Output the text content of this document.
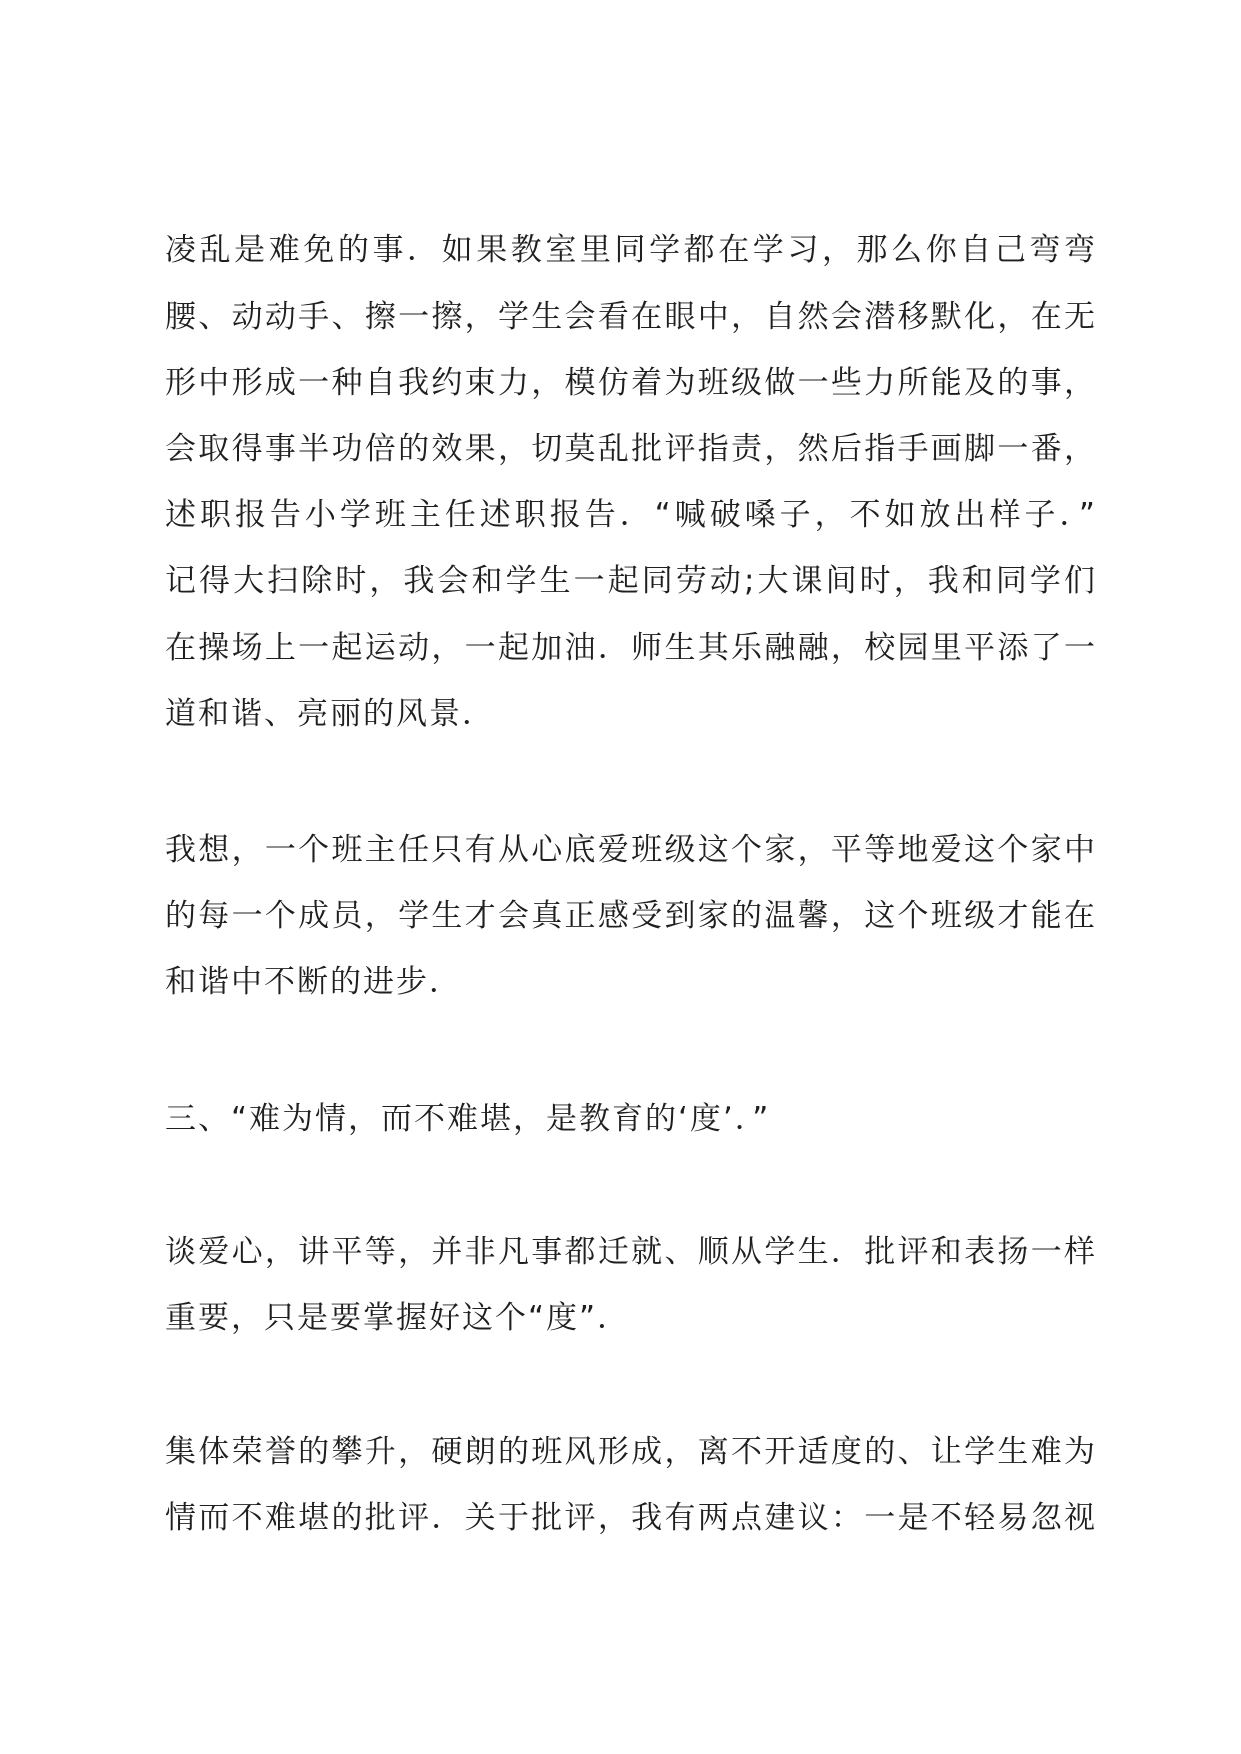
凌乱是难免的事．如果教室里同学都在学习，那么你自己弯弯

腰、动动手、擦一擦，学生会看在眼中，自然会潜移默化，在无

形中形成一种自我约束力，模仿着为班级做一些力所能及的事，

会取得事半功倍的效果，切莫乱批评指责，然后指手画脚一番，

述职报告小学班主任述职报告．“喊破嗓子，不如放出样子．”

记得大扫除时，我会和学生一起同劳动;大课间时，我和同学们

在操场上一起运动，一起加油．师生其乐融融，校园里平添了一

道和谐、亮丽的风景．

我想，一个班主任只有从心底爱班级这个家，平等地爱这个家中

的每一个成员，学生才会真正感受到家的温馨，这个班级才能在

和谐中不断的进步．

三、“难为情，而不难堪，是教育的‘度’．”

谈爱心，讲平等，并非凡事都迁就、顺从学生．批评和表扬一样

重要，只是要掌握好这个“度”．

集体荣誉的攀升，硬朗的班风形成，离不开适度的、让学生难为

情而不难堪的批评．关于批评，我有两点建议：一是不轻易忽视
